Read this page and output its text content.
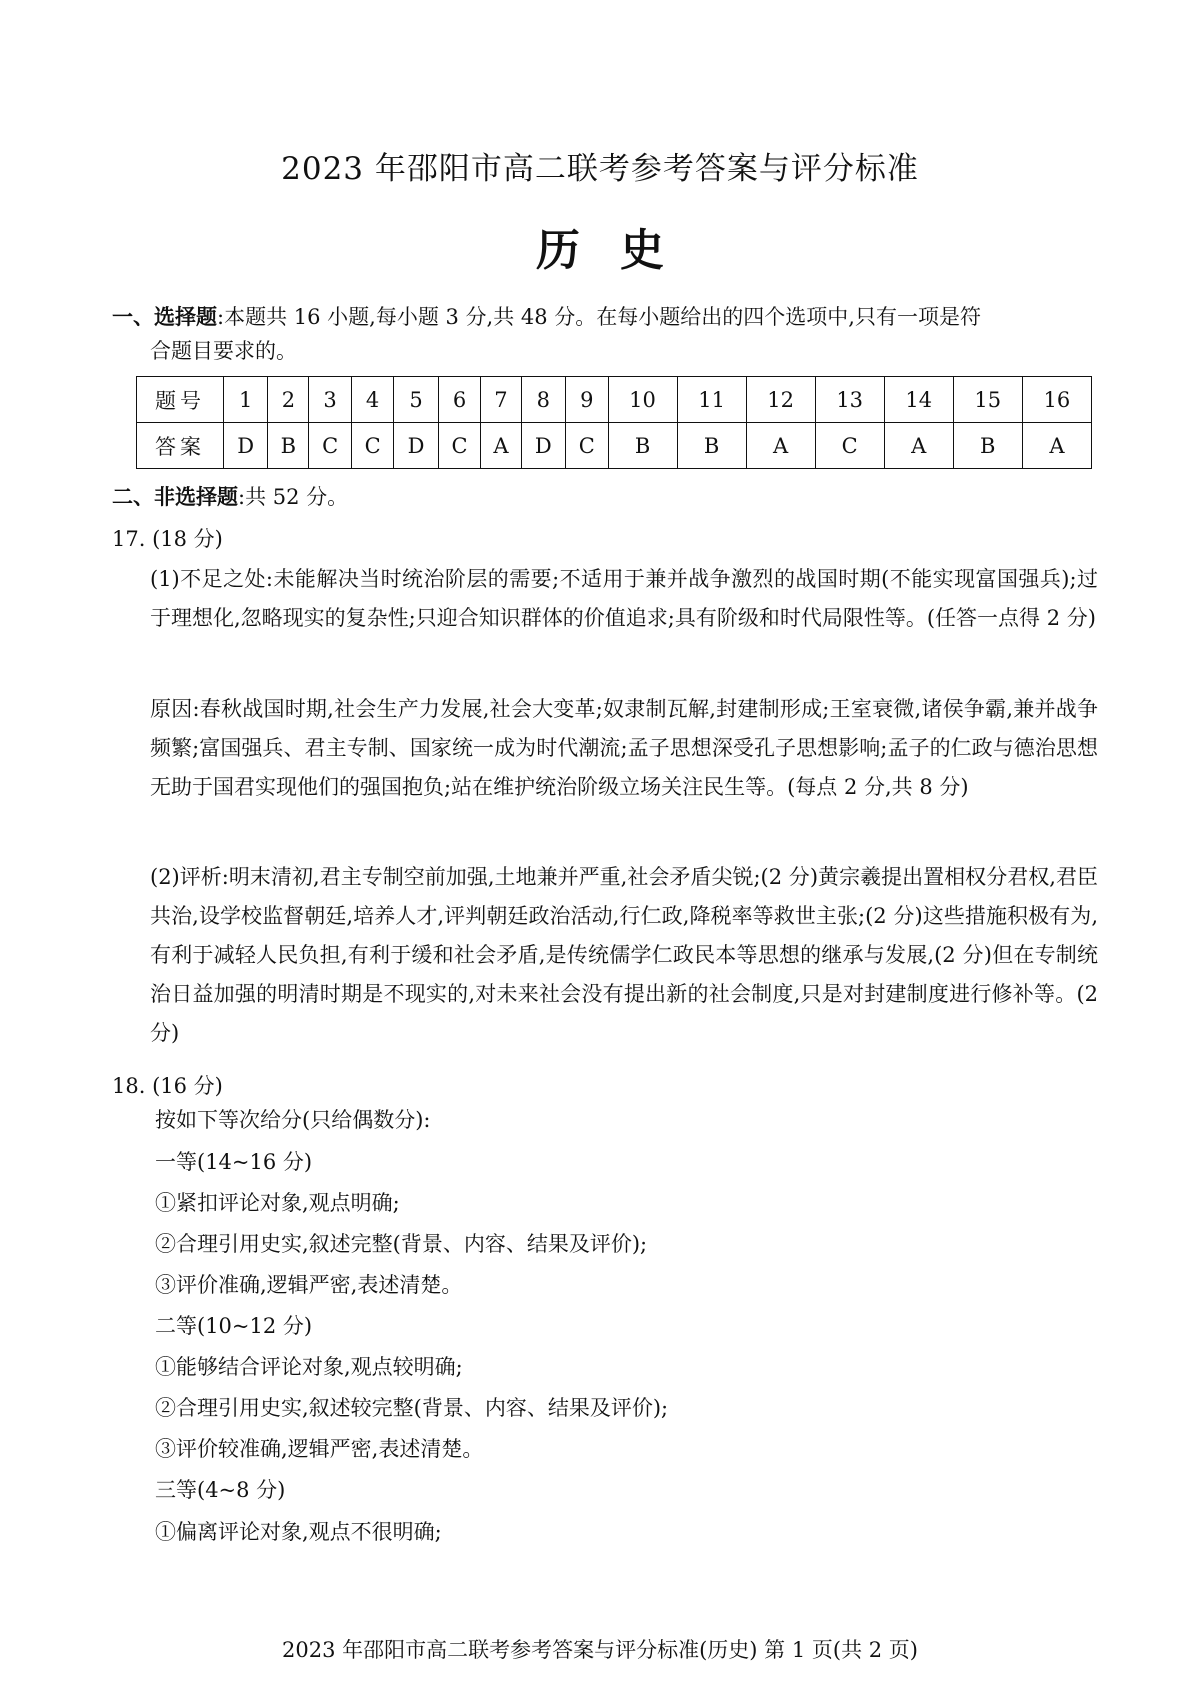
2023 年邵阳市高二联考参考答案与评分标准
历史
一、选择题:本题共 16 小题,每小题 3 分,共 48 分。在每小题给出的四个选项中,只有一项是符
合题目要求的。
题号	1	2	3	4	5	6	7	8	9	10	11	12	13	14	15	16
答案	D	B	C	C	D	C	A	D	C	B	B	A	C	A	B	A
二、非选择题:共 52 分。
17. (18 分)

(1)不足之处:未能解决当时统治阶层的需要;不适用于兼并战争激烈的战国时期(不能实现富国强兵);过于理想化,忽略现实的复杂性;只迎合知识群体的价值追求;具有阶级和时代局限性等。(任答一点得 2 分)

原因:春秋战国时期,社会生产力发展,社会大变革;奴隶制瓦解,封建制形成;王室衰微,诸侯争霸,兼并战争频繁;富国强兵、君主专制、国家统一成为时代潮流;孟子思想深受孔子思想影响;孟子的仁政与德治思想无助于国君实现他们的强国抱负;站在维护统治阶级立场关注民生等。(每点 2 分,共 8 分)

(2)评析:明末清初,君主专制空前加强,土地兼并严重,社会矛盾尖锐;(2 分)黄宗羲提出置相权分君权,君臣共治,设学校监督朝廷,培养人才,评判朝廷政治活动,行仁政,降税率等救世主张;(2 分)这些措施积极有为,有利于减轻人民负担,有利于缓和社会矛盾,是传统儒学仁政民本等思想的继承与发展,(2 分)但在专制统治日益加强的明清时期是不现实的,对未来社会没有提出新的社会制度,只是对封建制度进行修补等。(2 分)

18. (16 分)
按如下等次给分(只给偶数分):
一等(14~16 分)
①紧扣评论对象,观点明确;
②合理引用史实,叙述完整(背景、内容、结果及评价);
③评价准确,逻辑严密,表述清楚。
二等(10~12 分)
①能够结合评论对象,观点较明确;
②合理引用史实,叙述较完整(背景、内容、结果及评价);
③评价较准确,逻辑严密,表述清楚。
三等(4~8 分)
①偏离评论对象,观点不很明确;
2023 年邵阳市高二联考参考答案与评分标准(历史) 第 1 页(共 2 页)
